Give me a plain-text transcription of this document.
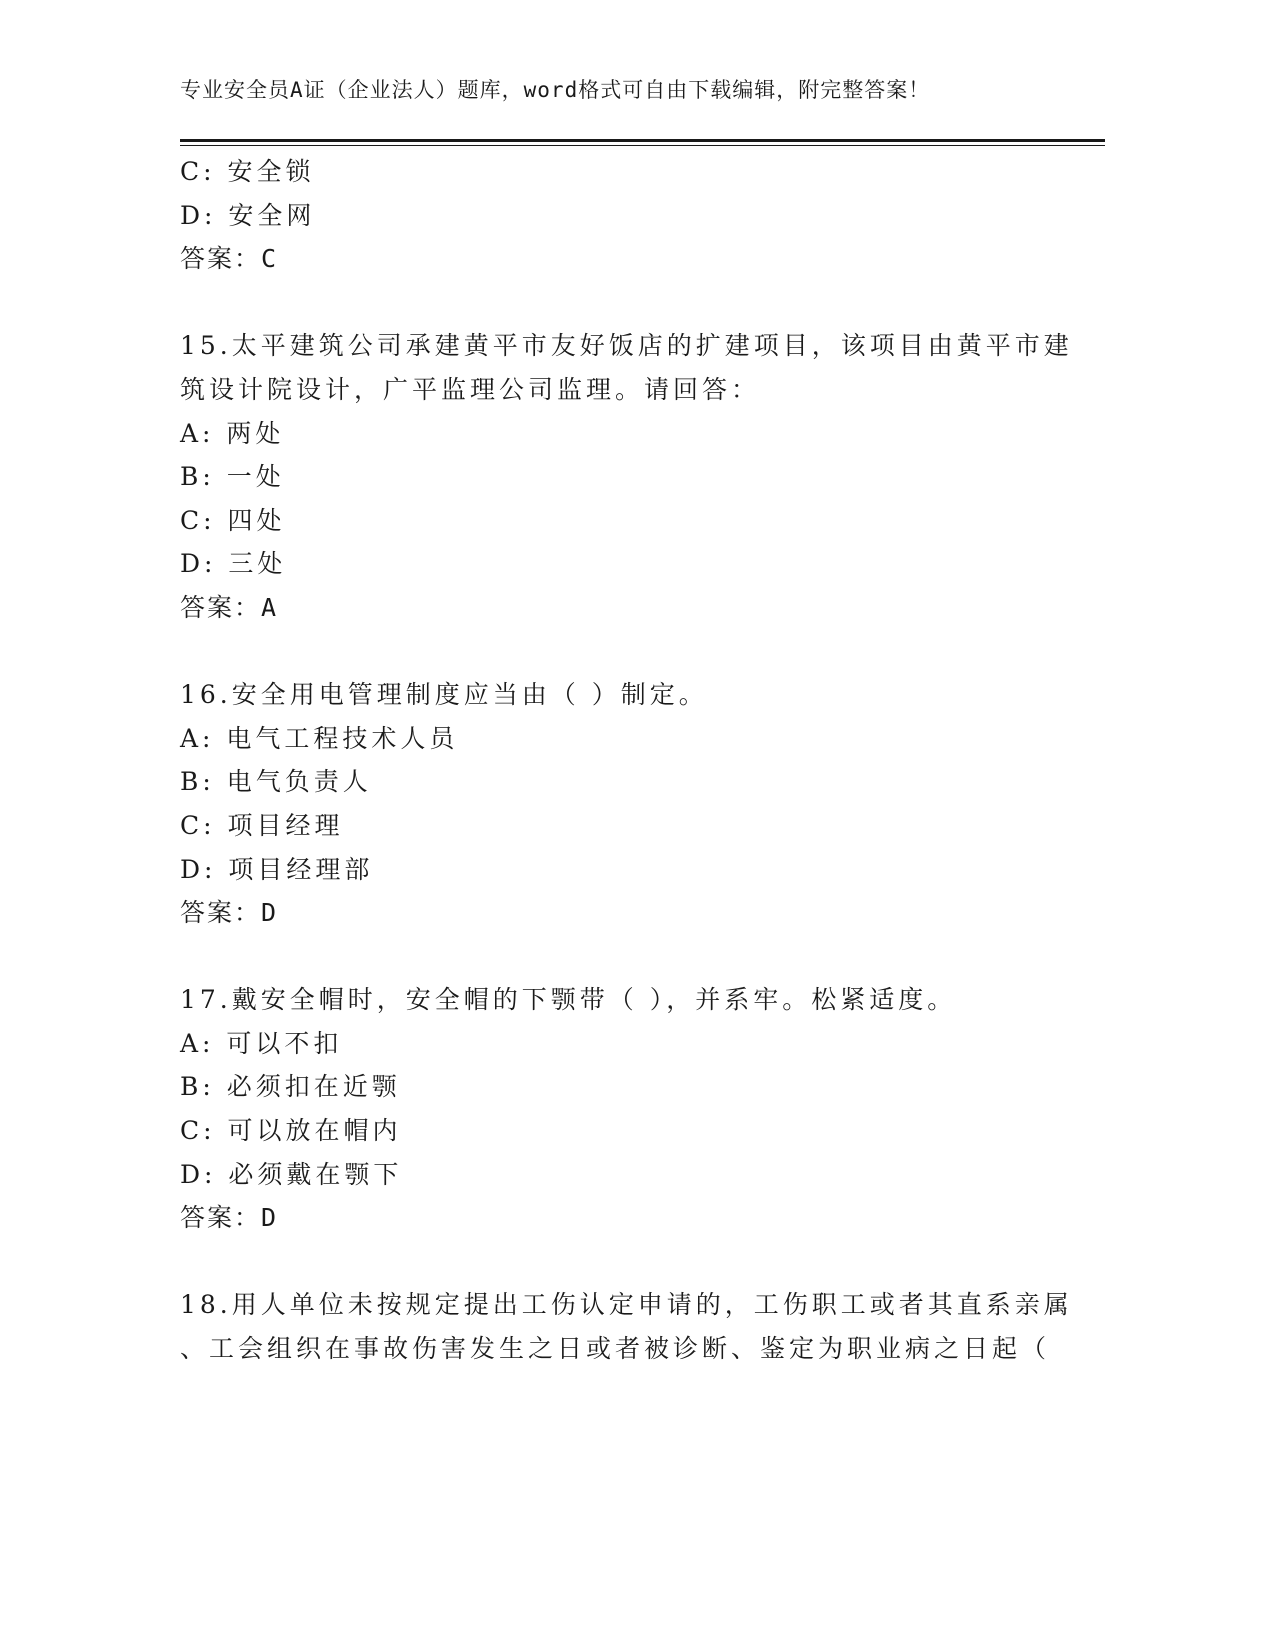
专业安全员A证（企业法人）题库，word格式可自由下载编辑，附完整答案！
C: 安全锁
D: 安全网
答案：C
15.太平建筑公司承建黄平市友好饭店的扩建项目，该项目由黄平市建
筑设计院设计，广平监理公司监理。请回答：
A: 两处
B: 一处
C: 四处
D: 三处
答案：A
16.安全用电管理制度应当由（ ）制定。
A: 电气工程技术人员
B: 电气负责人
C: 项目经理
D: 项目经理部
答案：D
17.戴安全帽时，安全帽的下颚带（ ），并系牢。松紧适度。
A: 可以不扣
B: 必须扣在近颚
C: 可以放在帽内
D: 必须戴在颚下
答案：D
18.用人单位未按规定提出工伤认定申请的，工伤职工或者其直系亲属
、工会组织在事故伤害发生之日或者被诊断、鉴定为职业病之日起（
